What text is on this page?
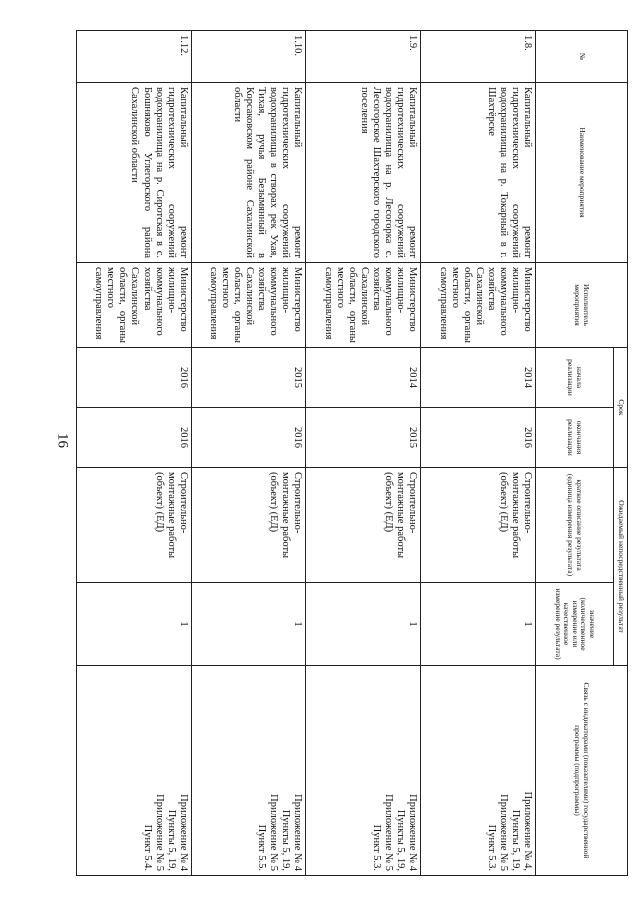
16
№	Наименование мероприятия	Исполнитель мероприятия	Срок		Ожидаемый непосредственный результат		Связь с индикаторами (показателями) государственной программы (подпрограммы)
			начала реализации	окончания реализации	краткое описание результата (единица измерения результата)	значение (количественное измерение или качественное измерение результата)	
1.8.	Капитальный ремонт гидротехнических сооружений водохранилища на р. Токарный в г. Шахтёрске	Министерство жилищно-коммунального хозяйства Сахалинской области, органы местного самоуправления	2014	2016	Строительно-монтажные работы (объект) (ЕД)	1	Приложение № 4,
Пункты 5, 19,
Приложение № 5
Пункт 5.3.

1.9.	Капитальный ремонт гидротехнических сооружений водохранилища на р. Лесогорка с. Лесогорское Шахтерского городского поселения	Министерство жилищно-коммунального хозяйства Сахалинской области, органы местного самоуправления	2014	2015	Строительно-монтажные работы (объект) (ЕД)	1	Приложение № 4
Пункты 5, 19,
Приложение № 5
Пункт 5.3.

1.10.	Капитальный ремонт гидротехнических сооружений водохранилища в створах рек Ухая, Тихая, ручья Безымянный в Корсаковском районе Сахалинской области	Министерство жилищно-коммунального хозяйства Сахалинской области, органы местного самоуправления	2015	2016	Строительно-монтажные работы (объект) (ЕД)	1	Приложение № 4
Пункты 5, 19,
Приложение № 5
Пункт 5.5.

1.12.	Капитальный ремонт гидротехнических сооружений водохранилища на р. Сиротская в с. Бошняково Углегорского района Сахалинской области	Министерство жилищно-коммунального хозяйства Сахалинской области, органы местного самоуправления	2016	2016	Строительно-монтажные работы (объект) (ЕД)	1	Приложение № 4
Пункты 5, 19,
Приложение № 5
Пункт 5.4.
